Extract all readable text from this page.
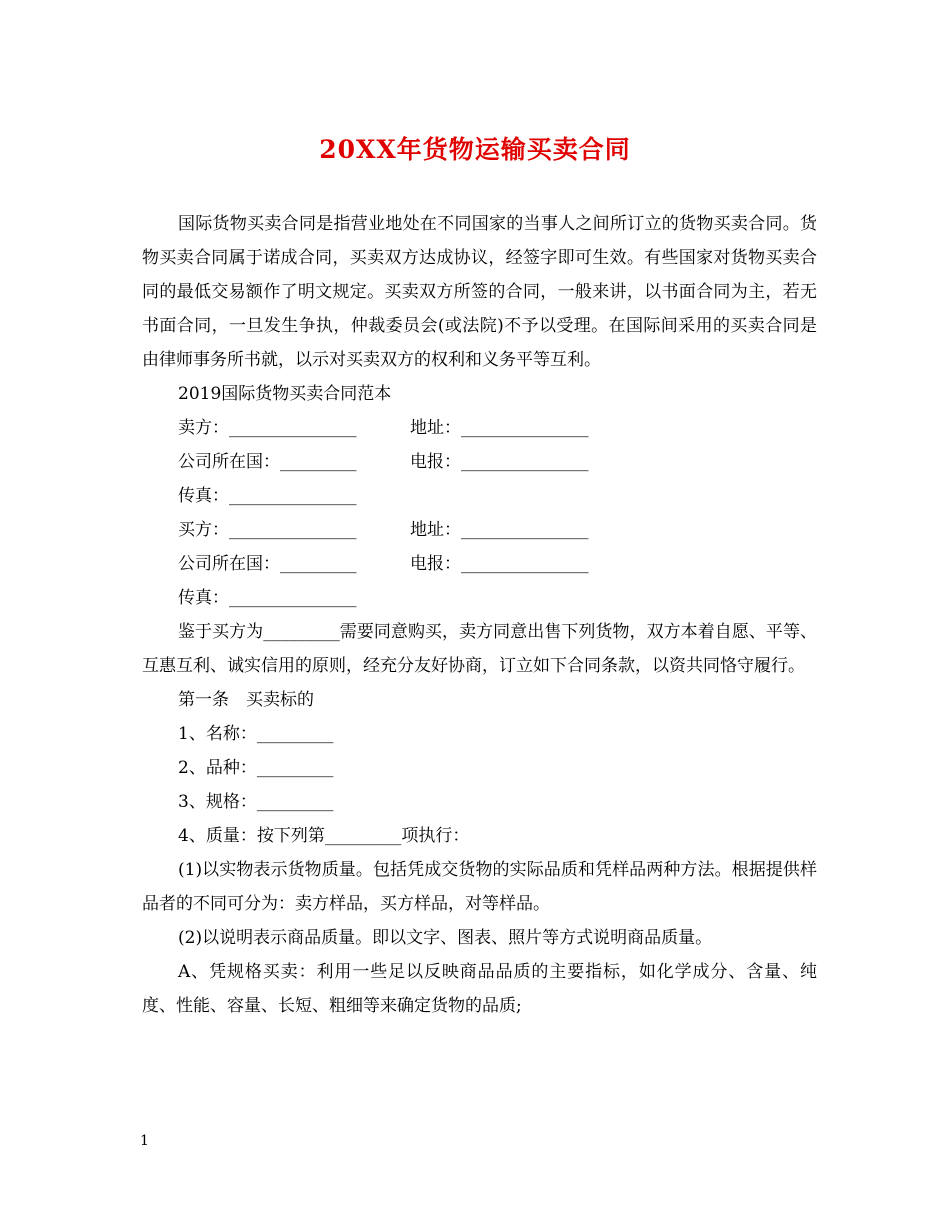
20XX年货物运输买卖合同

国际货物买卖合同是指营业地处在不同国家的当事人之间所订立的货物买卖合同。货物买卖合同属于诺成合同，买卖双方达成协议，经签字即可生效。有些国家对货物买卖合同的最低交易额作了明文规定。买卖双方所签的合同，一般来讲，以书面合同为主，若无书面合同，一旦发生争执，仲裁委员会(或法院)不予以受理。在国际间采用的买卖合同是由律师事务所书就，以示对买卖双方的权利和义务平等互利。

2019国际货物买卖合同范本

卖方：_______________	地址：_______________
公司所在国：_________	电报：_______________
传真：_______________
买方：_______________	地址：_______________
公司所在国：_________	电报：_______________
传真：_______________

鉴于买方为_________需要同意购买，卖方同意出售下列货物，双方本着自愿、平等、互惠互利、诚实信用的原则，经充分友好协商，订立如下合同条款，以资共同恪守履行。

第一条　买卖标的

1、名称：_________

2、品种：_________

3、规格：_________

4、质量：按下列第_________项执行：

(1)以实物表示货物质量。包括凭成交货物的实际品质和凭样品两种方法。根据提供样品者的不同可分为：卖方样品，买方样品，对等样品。

(2)以说明表示商品质量。即以文字、图表、照片等方式说明商品质量。

A、凭规格买卖：利用一些足以反映商品品质的主要指标，如化学成分、含量、纯度、性能、容量、长短、粗细等来确定货物的品质;

1
